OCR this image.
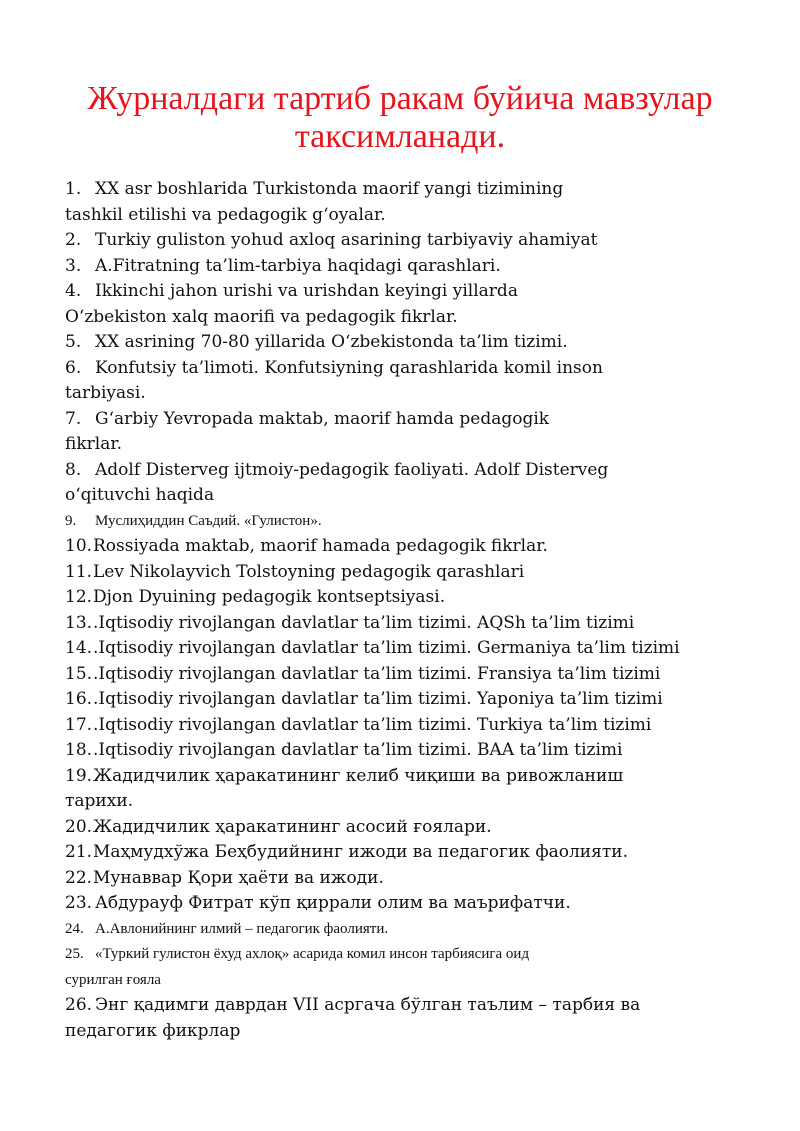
Журналдаги тартиб ракам буйича мавзулар
таксимланади.
1. XX asr boshlarida Turkistonda maorif yangi tizimining
tashkil etilishi va pedagogik g‘oyalar.
2. Turkiy guliston yohud axloq asarining tarbiyaviy ahamiyat
3. A.Fitratning ta’lim-tarbiya haqidagi qarashlari.
4. Ikkinchi jahon urishi va urishdan keyingi yillarda
O‘zbekiston xalq maorifi va pedagogik fikrlar.
5. XX asrining 70-80 yillarida O‘zbekistonda ta’lim tizimi.
6. Konfutsiy ta’limoti. Konfutsiyning qarashlarida komil inson
tarbiyasi.
7. G‘arbiy Yevropada maktab, maorif hamda pedagogik
fikrlar.
8. Adolf Disterveg ijtmoiy-pedagogik faoliyati. Adolf Disterveg
o‘qituvchi haqida
9. Муслиҳиддин Саъдий. «Гулистон».
10.Rossiyada maktab, maorif hamada pedagogik fikrlar.
11.Lev Nikolayvich Tolstoyning pedagogik qarashlari
12.Djon Dyuining pedagogik kontseptsiyasi.
13..Iqtisodiy rivojlangan davlatlar ta’lim tizimi. AQSh ta’lim tizimi
14..Iqtisodiy rivojlangan davlatlar ta’lim tizimi. Germaniya ta’lim tizimi
15..Iqtisodiy rivojlangan davlatlar ta’lim tizimi. Fransiya ta’lim tizimi
16..Iqtisodiy rivojlangan davlatlar ta’lim tizimi. Yaponiya ta’lim tizimi
17..Iqtisodiy rivojlangan davlatlar ta’lim tizimi. Turkiya ta’lim tizimi
18..Iqtisodiy rivojlangan davlatlar ta’lim tizimi. BAA ta’lim tizimi
19.Жадидчилик ҳаракатининг келиб чиқиши ва ривожланиш
тарихи.
20.Жадидчилик ҳаракатининг асосий ғоялари.
21.Маҳмудхўжа Беҳбудийнинг ижоди ва педагогик фаолияти.
22.Мунаввар Қори ҳаёти ва ижоди.
23. Абдурауф Фитрат кўп қиррали олим ва маърифатчи.
24. А.Авлонийнинг илмий – педагогик фаолияти.
25. «Туркий гулистон ёхуд ахлоқ» асарида комил инсон тарбиясига оид
сурилган ғояла
26. Энг қадимги даврдан VII асргача бўлган таълим – тарбия ва
педагогик фикрлар
